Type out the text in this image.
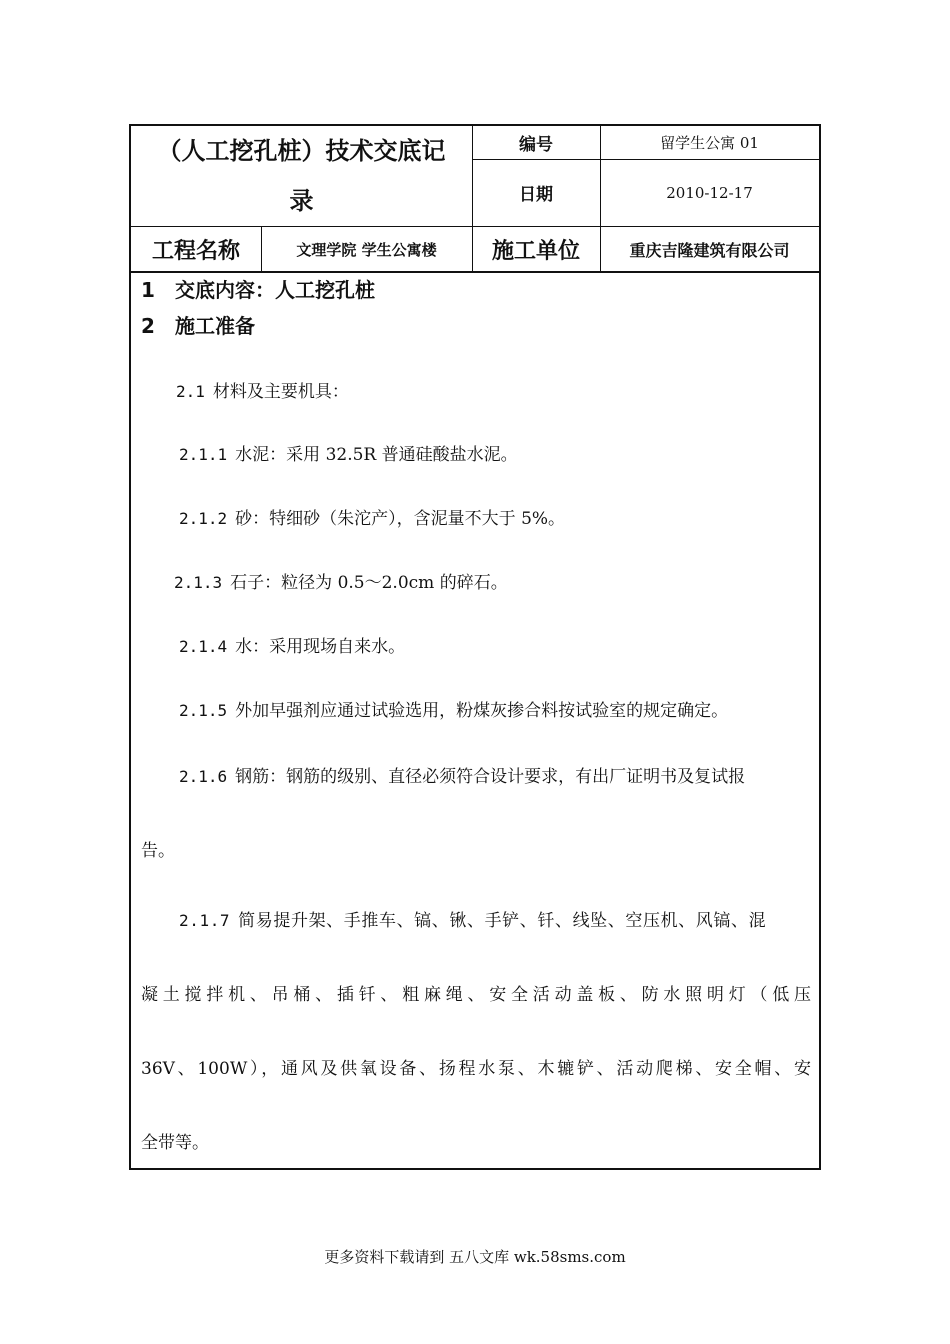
（人工挖孔桩）技术交底记
录
编号	留学生公寓 01
日期	2010-12-17
工程名称	文理学院 学生公寓楼	施工单位	重庆吉隆建筑有限公司
1 交底内容：人工挖孔桩
2 施工准备
2.1 材料及主要机具：
2.1.1 水泥：采用 32.5R 普通硅酸盐水泥。
2.1.2 砂：特细砂（朱沱产），含泥量不大于 5%。
2.1.3 石子：粒径为 0.5～2.0cm 的碎石。
2.1.4 水：采用现场自来水。
2.1.5 外加早强剂应通过试验选用，粉煤灰掺合料按试验室的规定确定。
2.1.6 钢筋：钢筋的级别、直径必须符合设计要求，有出厂证明书及复试报
告。
2.1.7 简易提升架、手推车、镐、锹、手铲、钎、线坠、空压机、风镐、混
凝土搅拌机、吊桶、插钎、粗麻绳、安全活动盖板、防水照明灯（低压
36V、100W），通风及供氧设备、扬程水泵、木辘铲、活动爬梯、安全帽、安
全带等。
更多资料下载请到 五八文库 wk.58sms.com
